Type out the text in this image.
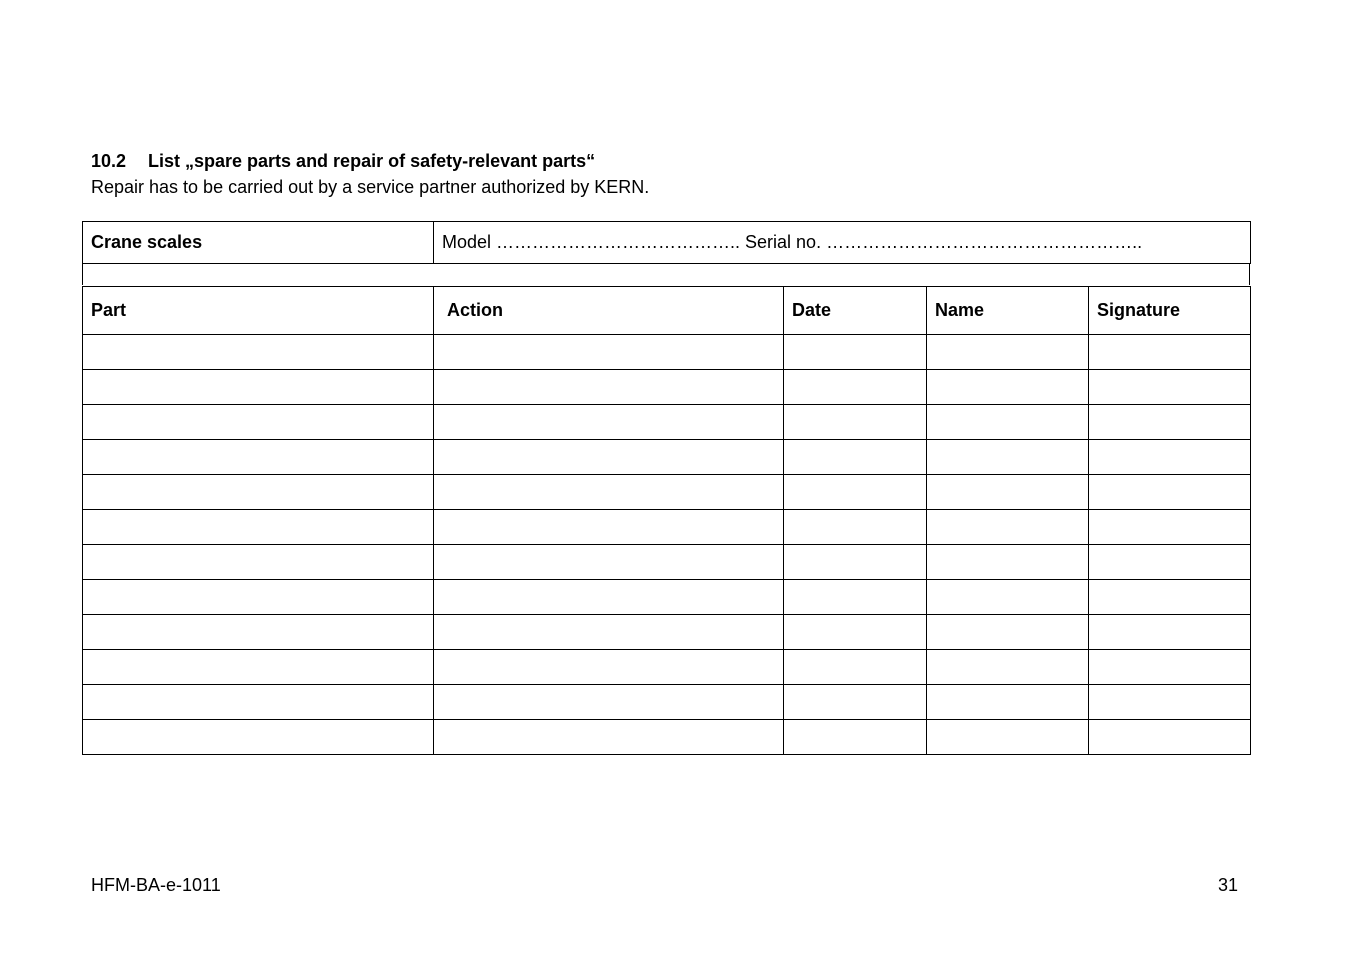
10.2 List „spare parts and repair of safety-relevant parts“
Repair has to be carried out by a service partner authorized by KERN.
Crane scales	Model ………………………………….. Serial no. ……………………………………………..
Part	Action	Date	Name	Signature

HFM-BA-e-1011	31
